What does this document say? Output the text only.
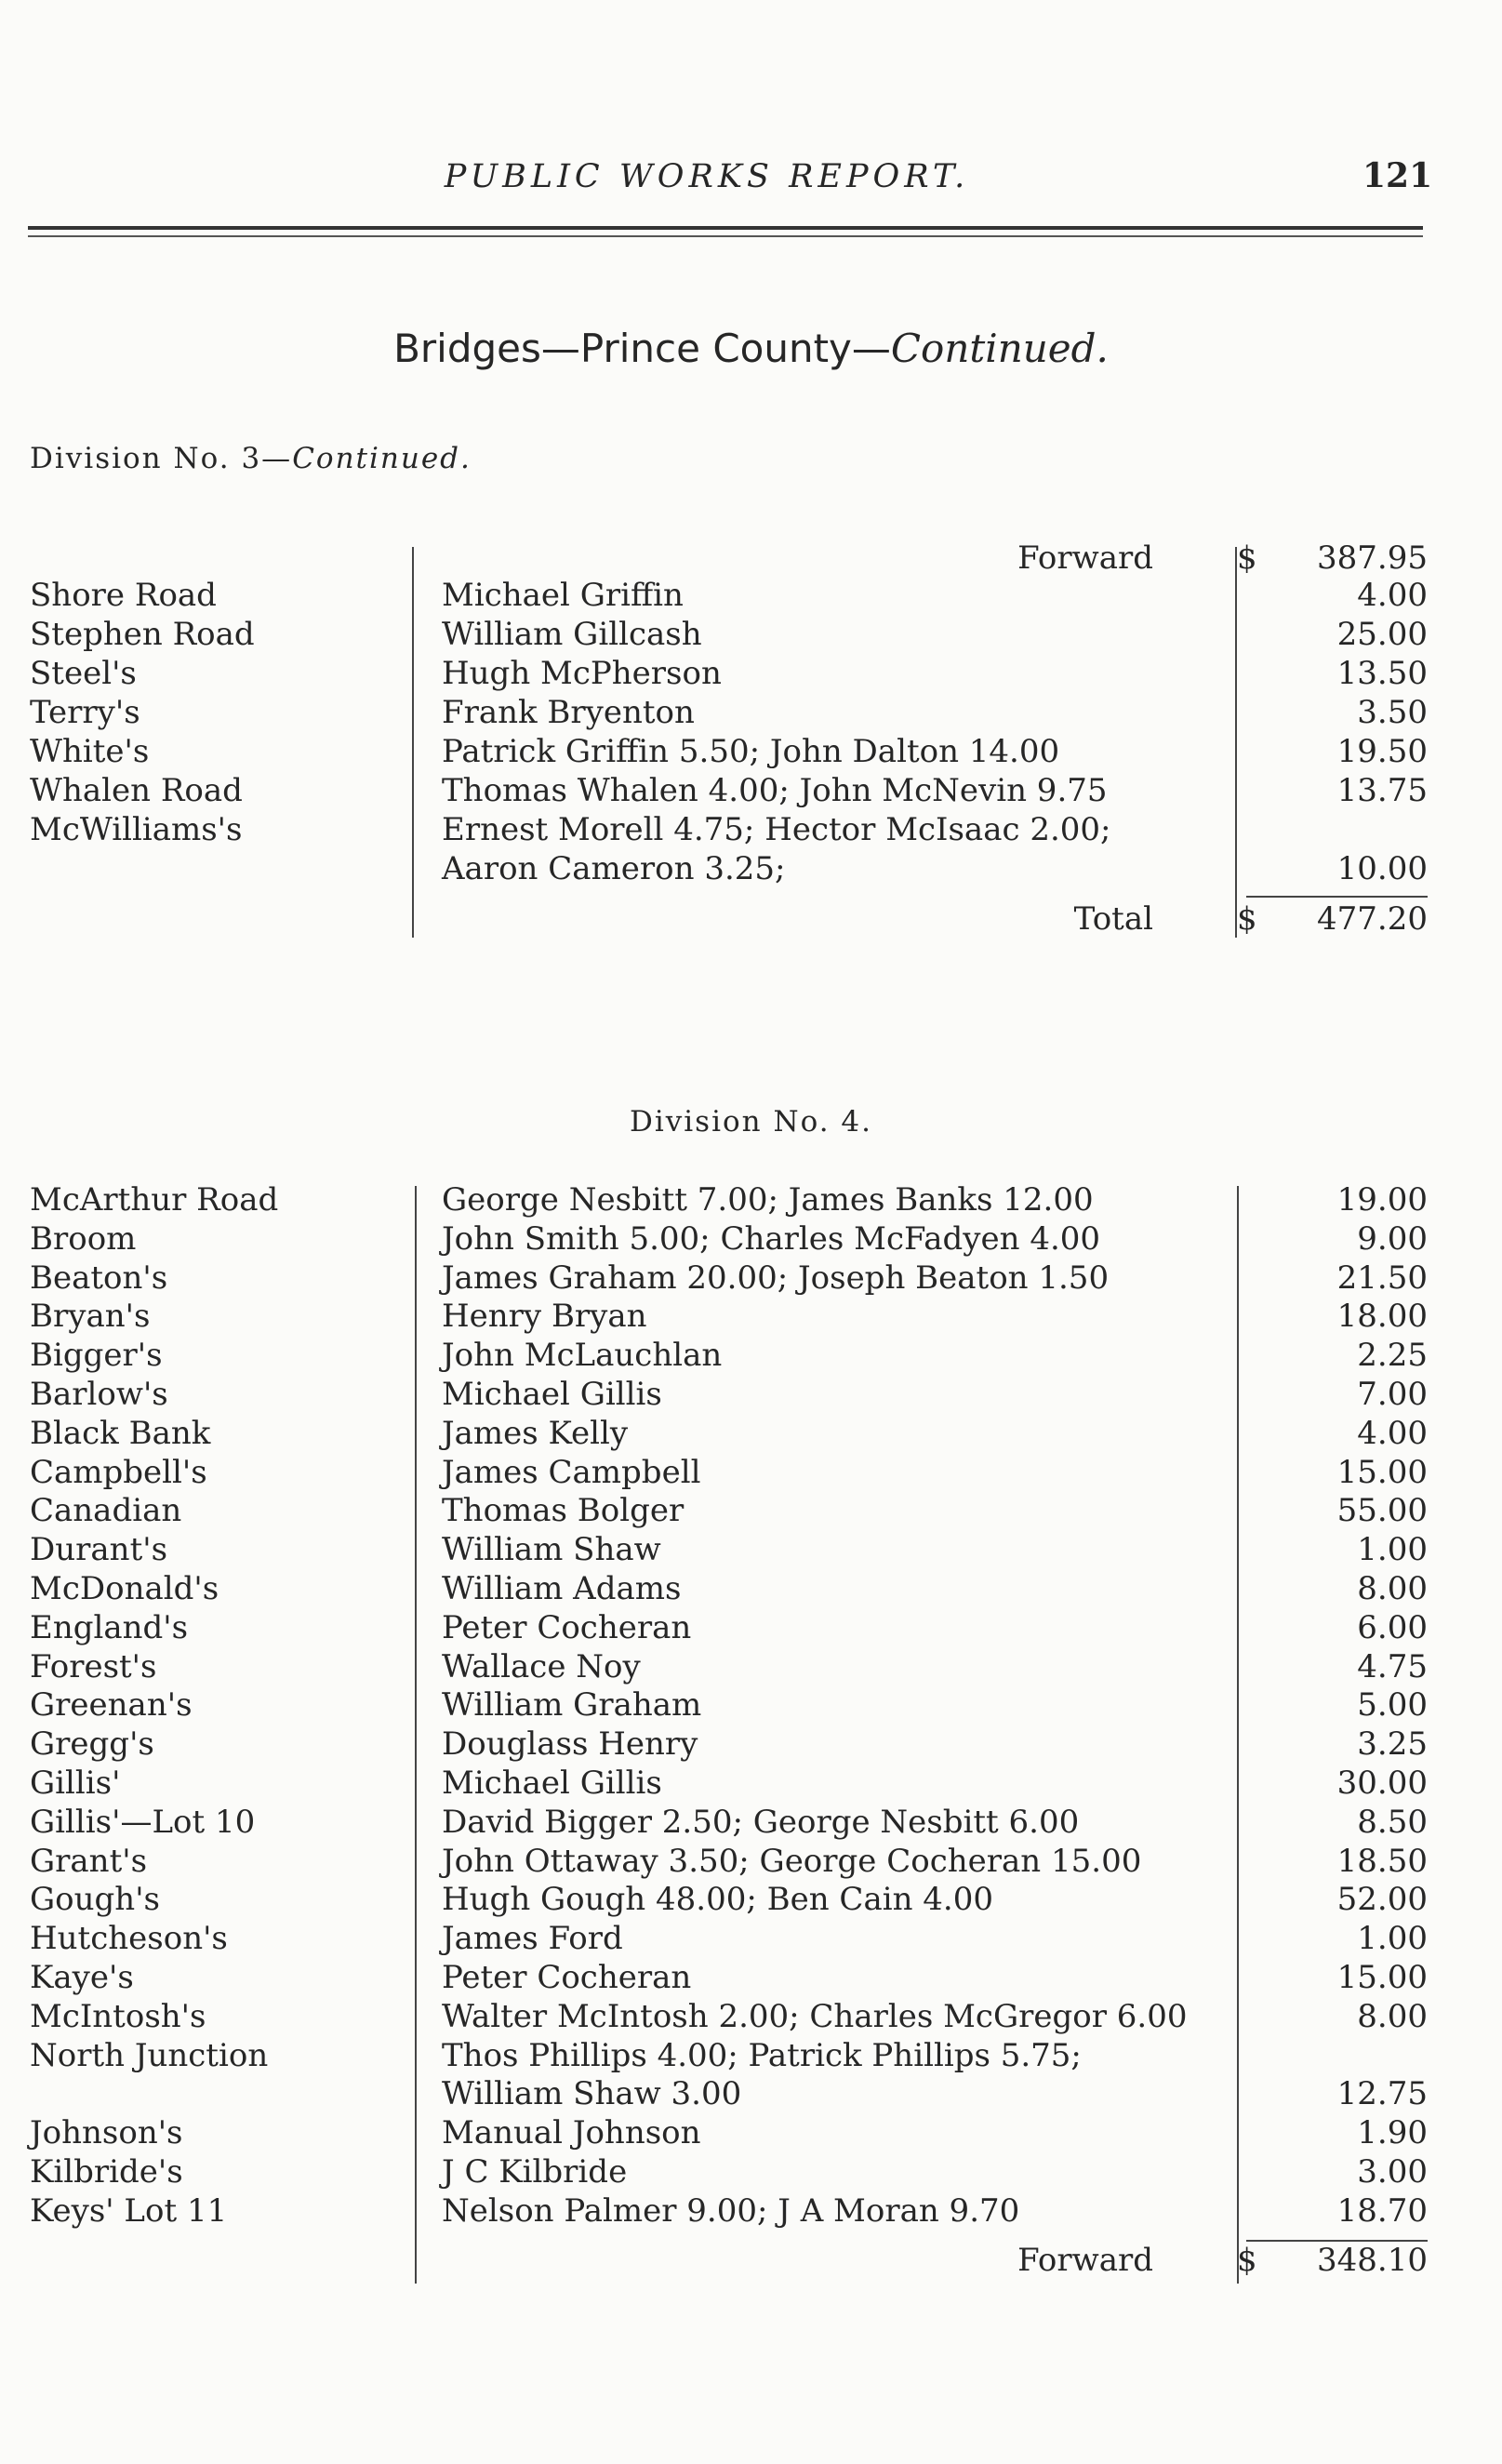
PUBLIC WORKS REPORT.	121
Bridges—Prince County—Continued.
Division No. 3—Continued.
Forward	$ 387.95
Shore Road	Michael Griffin	4.00
Stephen Road	William Gillcash	25.00
Steel's	Hugh McPherson	13.50
Terry's	Frank Bryenton	3.50
White's	Patrick Griffin 5.50; John Dalton 14.00	19.50
Whalen Road	Thomas Whalen 4.00; John McNevin 9.75	13.75
McWilliams's	Ernest Morell 4.75; Hector McIsaac 2.00;
Aaron Cameron 3.25;	10.00
Total	$ 477.20
Division No. 4.
McArthur Road	George Nesbitt 7.00; James Banks 12.00	19.00
Broom	John Smith 5.00; Charles McFadyen 4.00	9.00
Beaton's	James Graham 20.00; Joseph Beaton 1.50	21.50
Bryan's	Henry Bryan	18.00
Bigger's	John McLauchlan	2.25
Barlow's	Michael Gillis	7.00
Black Bank	James Kelly	4.00
Campbell's	James Campbell	15.00
Canadian	Thomas Bolger	55.00
Durant's	William Shaw	1.00
McDonald's	William Adams	8.00
England's	Peter Cocheran	6.00
Forest's	Wallace Noy	4.75
Greenan's	William Graham	5.00
Gregg's	Douglass Henry	3.25
Gillis'	Michael Gillis	30.00
Gillis'—Lot 10	David Bigger 2.50; George Nesbitt 6.00	8.50
Grant's	John Ottaway 3.50; George Cocheran 15.00	18.50
Gough's	Hugh Gough 48.00; Ben Cain 4.00	52.00
Hutcheson's	James Ford	1.00
Kaye's	Peter Cocheran	15.00
McIntosh's	Walter McIntosh 2.00; Charles McGregor 6.00	8.00
North Junction	Thos Phillips 4.00; Patrick Phillips 5.75;
William Shaw 3.00	12.75
Johnson's	Manual Johnson	1.90
Kilbride's	J C Kilbride	3.00
Keys' Lot 11	Nelson Palmer 9.00; J A Moran 9.70	18.70
Forward	$ 348.10
